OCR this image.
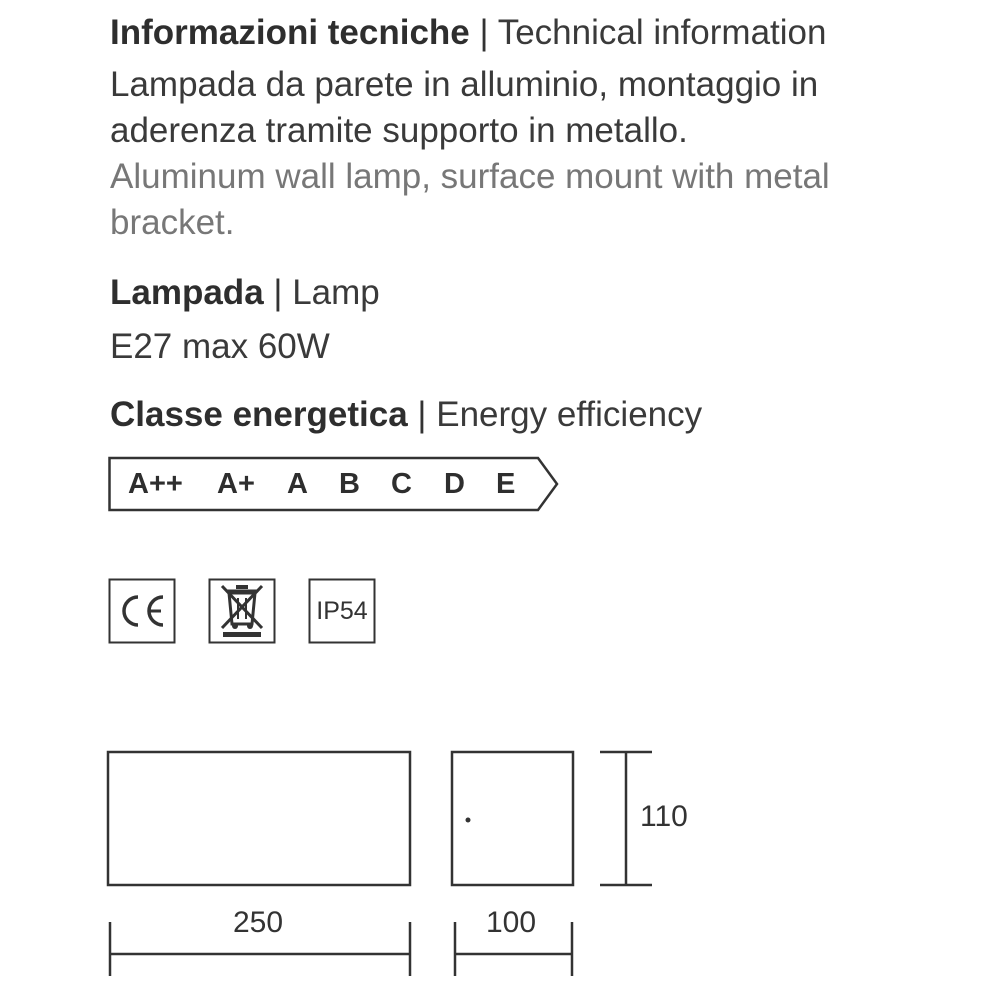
Informazioni tecniche | Technical information
Lampada da parete in alluminio, montaggio in
aderenza tramite supporto in metallo.
Aluminum wall lamp, surface mount with metal
bracket.
Lampada | Lamp
E27 max 60W
Classe energetica | Energy efficiency
A++ A+ A B C D E
IP54
250	100
110
